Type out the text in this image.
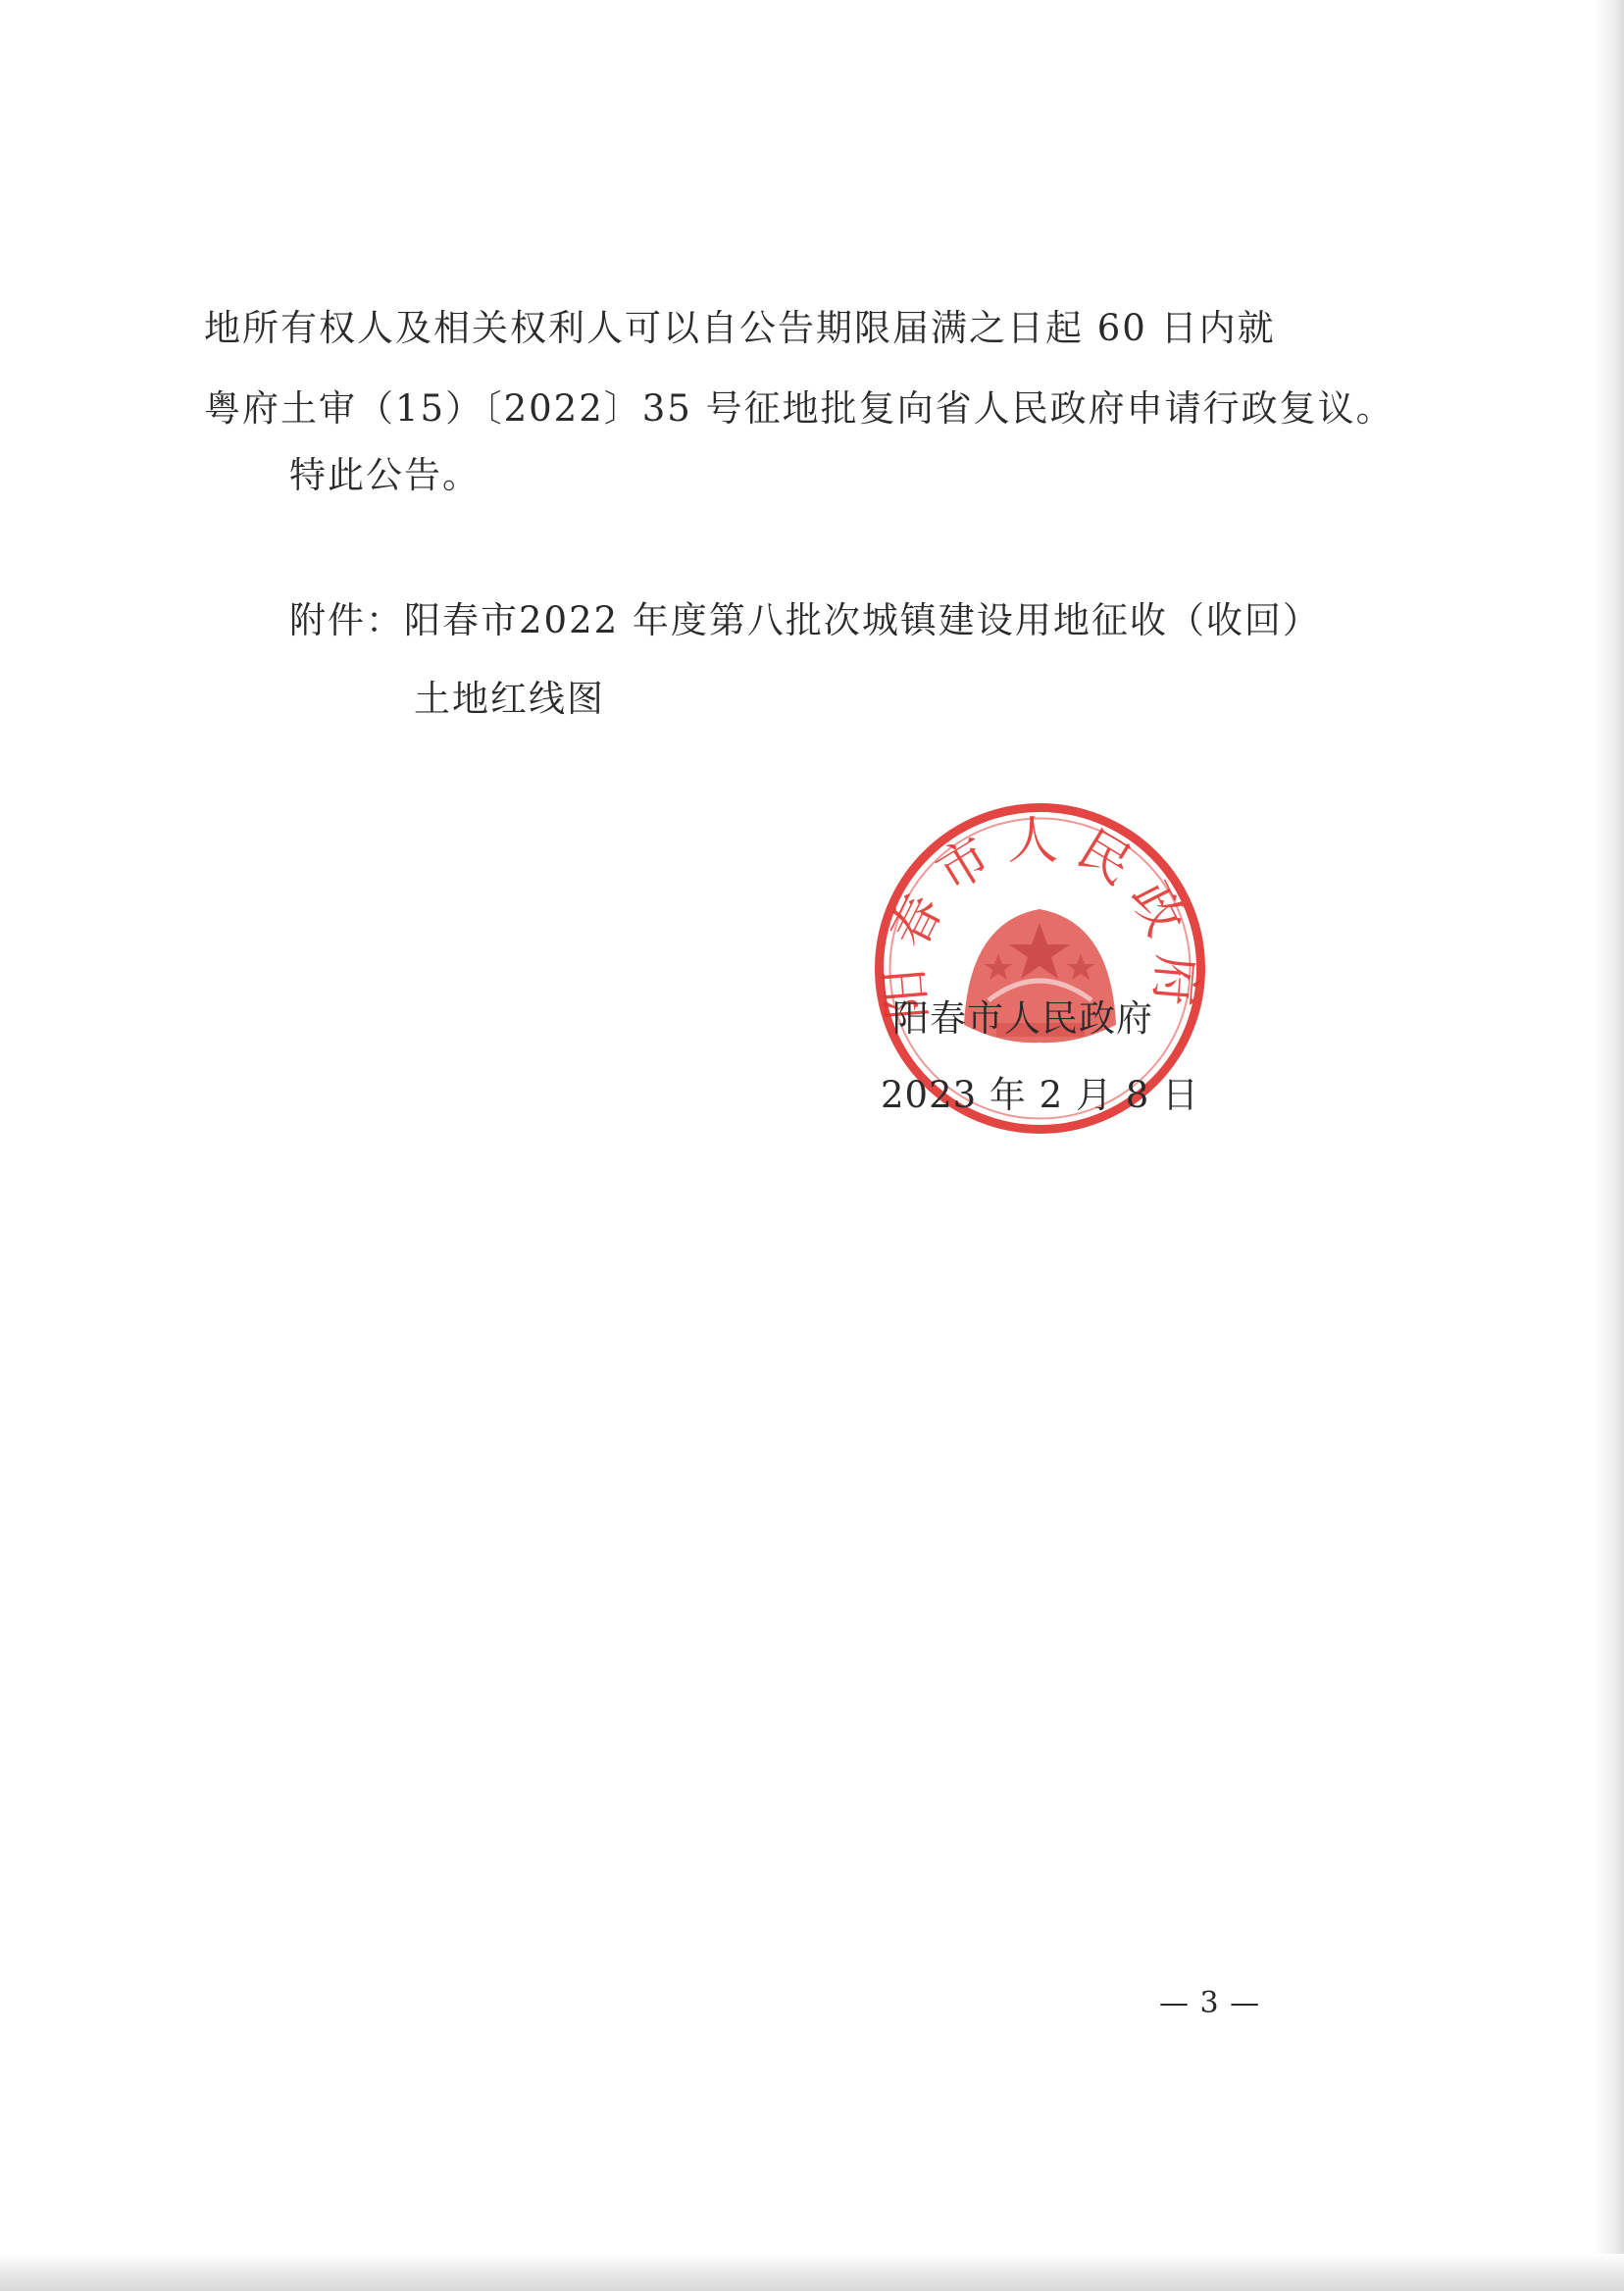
地所有权人及相关权利人可以自公告期限届满之日起 60 日内就
粤府土审（15）〔2022〕35 号征地批复向省人民政府申请行政复议。
特此公告。
附件：阳春市2022 年度第八批次城镇建设用地征收（收回）
土地红线图
阳春市人民政府
阳春市人民政府
2023 年 2 月 8 日
— 3 —
